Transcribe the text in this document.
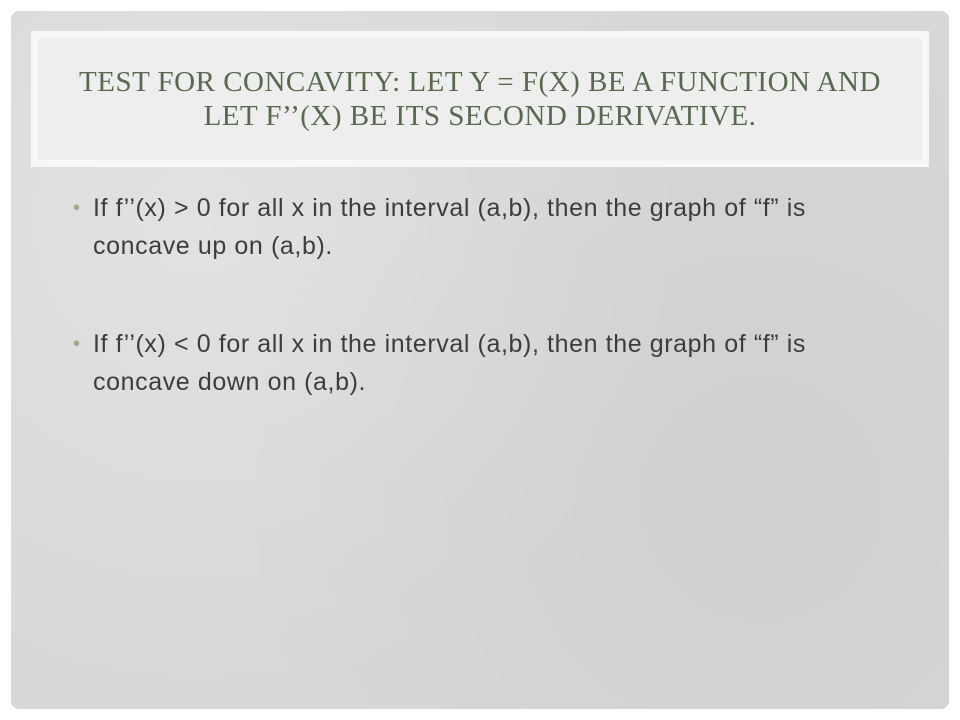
TEST FOR CONCAVITY: LET Y = F(X) BE A FUNCTION AND LET F’’(X) BE ITS SECOND DERIVATIVE.
• If f’’(x) > 0 for all x in the interval (a,b), then the graph of “f” is concave up on (a,b).
• If f’’(x) < 0 for all x in the interval (a,b), then the graph of “f” is concave down on (a,b).
